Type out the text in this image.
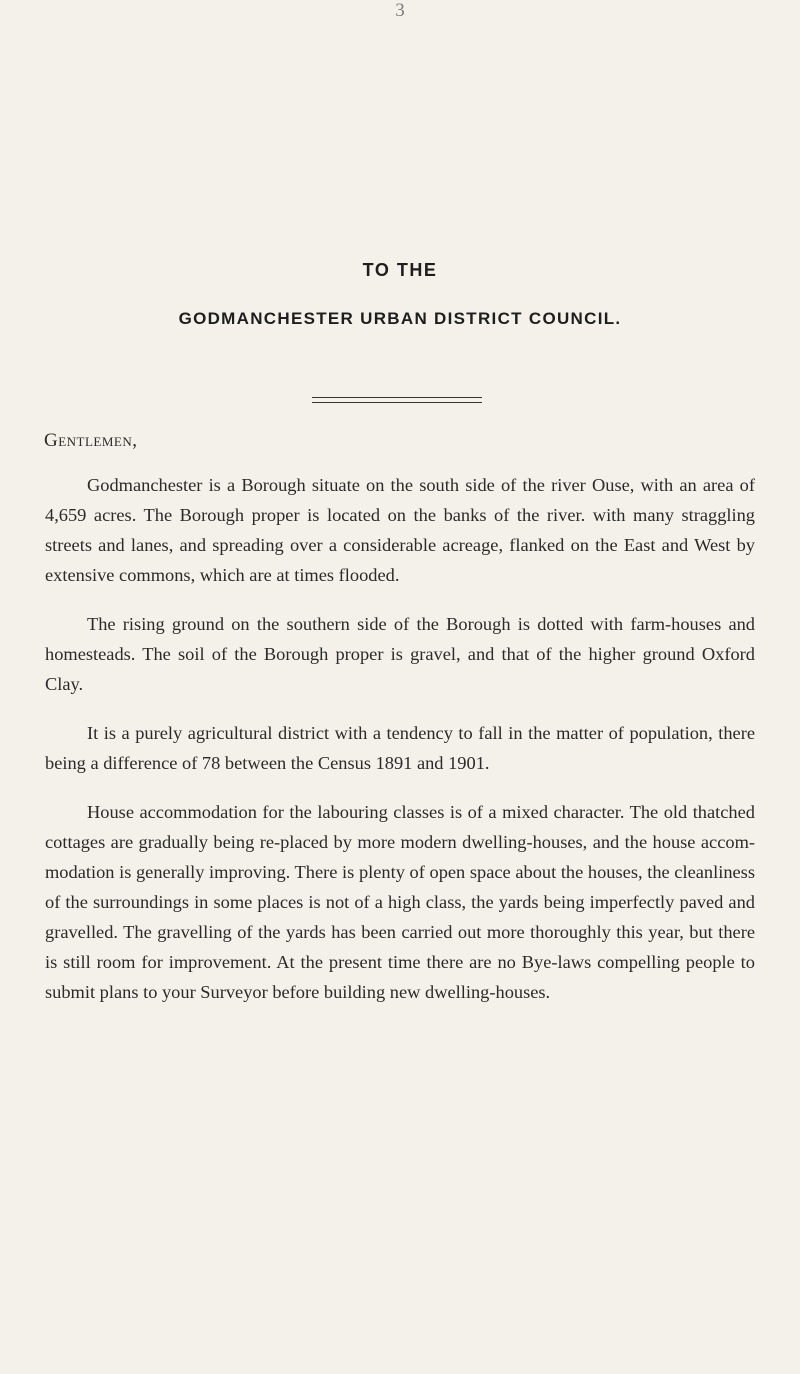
3
TO THE
GODMANCHESTER URBAN DISTRICT COUNCIL.
Gentlemen,

Godmanchester is a Borough situate on the south side of the river Ouse, with an area of 4,659 acres. The Borough proper is located on the banks of the river. with many straggling streets and lanes, and spreading over a considerable acreage, flanked on the East and West by extensive commons, which are at times flooded.

The rising ground on the southern side of the Borough is dotted with farm-houses and homesteads. The soil of the Borough proper is gravel, and that of the higher ground Oxford Clay.

It is a purely agricultural district with a tendency to fall in the matter of population, there being a difference of 78 between the Census 1891 and 1901.

House accommodation for the labouring classes is of a mixed character. The old thatched cottages are gradually being re-placed by more modern dwelling-houses, and the house accom-modation is generally improving. There is plenty of open space about the houses, the cleanliness of the surroundings in some places is not of a high class, the yards being imperfectly paved and gravelled. The gravelling of the yards has been carried out more thoroughly this year, but there is still room for improvement. At the present time there are no Bye-laws compelling people to submit plans to your Surveyor before building new dwelling-houses.
